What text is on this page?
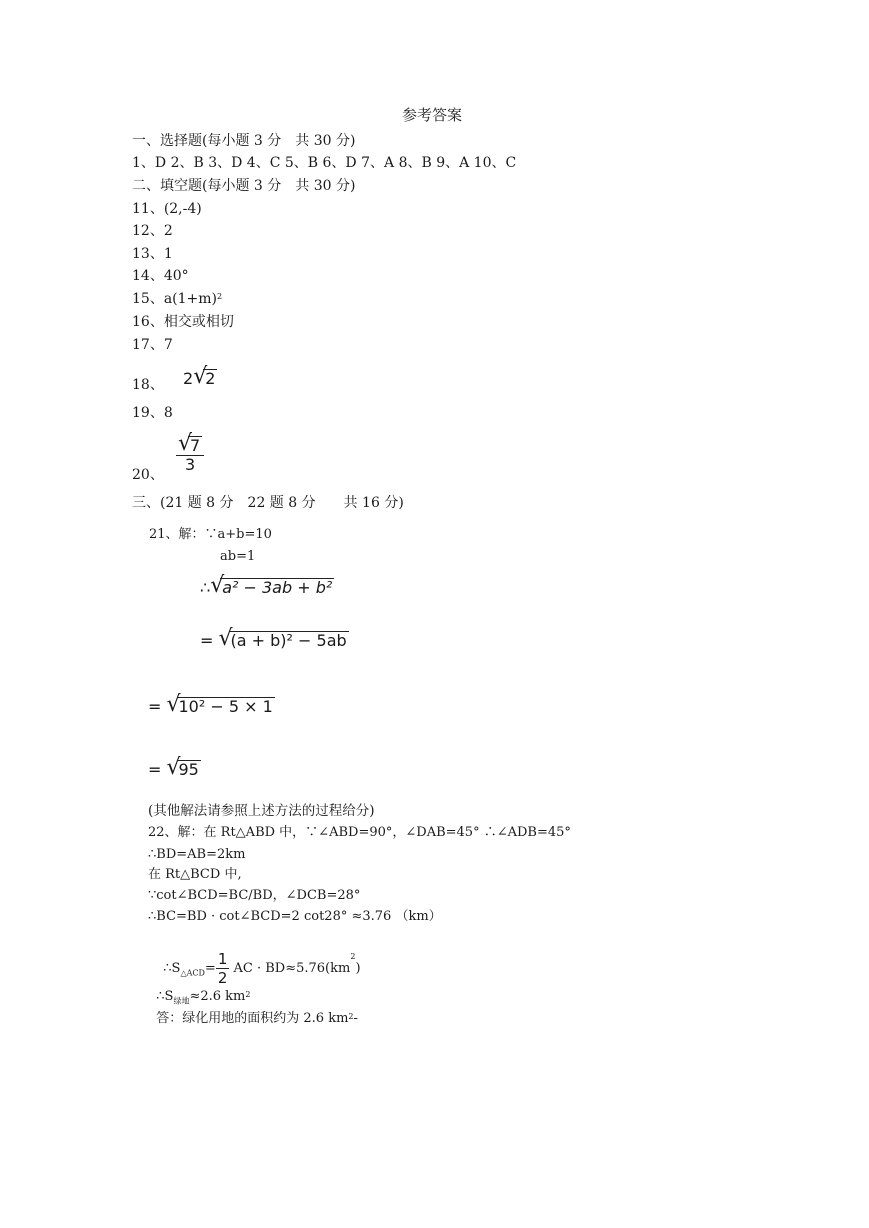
参考答案
一、选择题(每小题 3 分　共 30 分)
1、D 2、B 3、D 4、C 5、B 6、D 7、A 8、B 9、A 10、C
二、填空题(每小题 3 分　共 30 分)
11、(2,-4)
12、2
13、1
14、40°
15、$a(1+m)^2$
16、相交或相切
17、7
18、 2 √
2
19、8
20、
√
7
3
三、(21 题 8 分　22 题 8 分　　共 16 分)
21、解：∵a+b=10
ab=1
∴ √
a² − 3ab + b²
= √
(a + b)² − 5ab
= √
10² − 5 × 1
= √
95
(其他解法请参照上述方法的过程给分)
22、解：在 Rt△ABD 中，∵∠ABD=90°，∠DAB=45° ∴∠ADB=45°
∴BD=AB=2km
在 Rt△BCD 中,
∵cot∠BCD=BC/BD，∠DCB=28°
∴BC=BD · cot∠BCD=2 cot28° ≈3.76 （km）

$\therefore S_{\triangle ACD}= \frac{1}{2}$ AC · $BD\approx 5.76(km^2)$

$\therefore S_{绿地}\approx 2.6$ $km^2$

答：绿化用地的面积约为 2.6 $km^2-$
